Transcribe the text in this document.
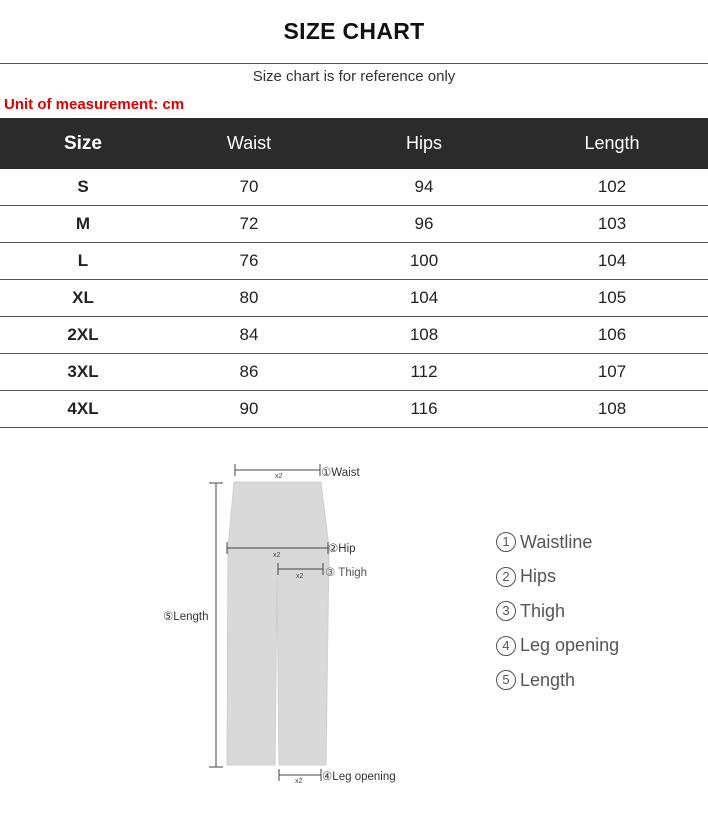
SIZE CHART
Size chart is for reference only
Unit of measurement: cm
Size	Waist	Hips	Length
S	70	94	102
M	72	96	103
L	76	100	104
XL	80	104	105
2XL	84	108	106
3XL	86	112	107
4XL	90	116	108
x2	①Waist
x2
②Hip
x2 ③ Thigh
⑤Length
x2 ④Leg opening
1 Waistline
2 Hips
3 Thigh
4 Leg opening
5 Length
